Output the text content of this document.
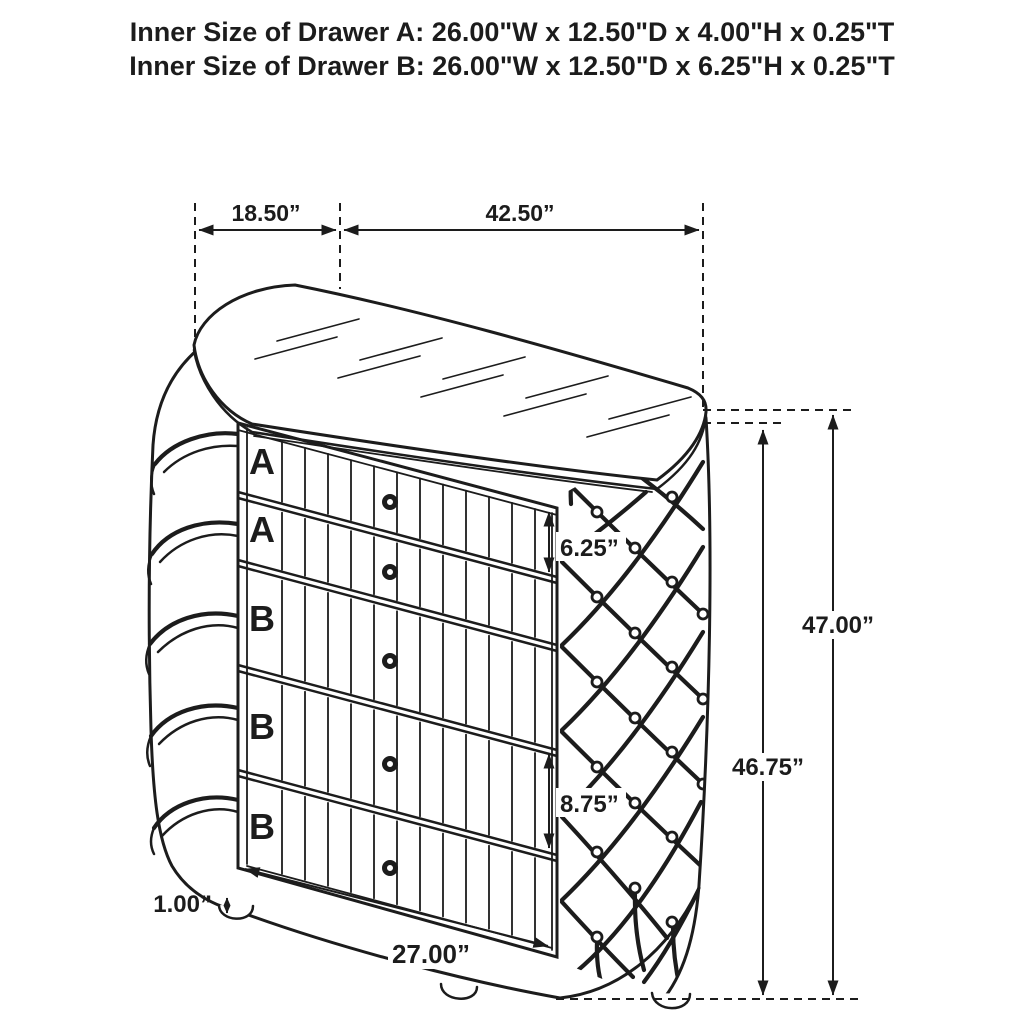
Inner Size of Drawer A: 26.00"W x 12.50"D x 4.00"H x 0.25"T
Inner Size of Drawer B: 26.00"W x 12.50"D x 6.25"H x 0.25"T
A
A
B
B
B
18.50”	42.50”
47.00”
46.75”
6.25”
8.75”
27.00”
1.00”
